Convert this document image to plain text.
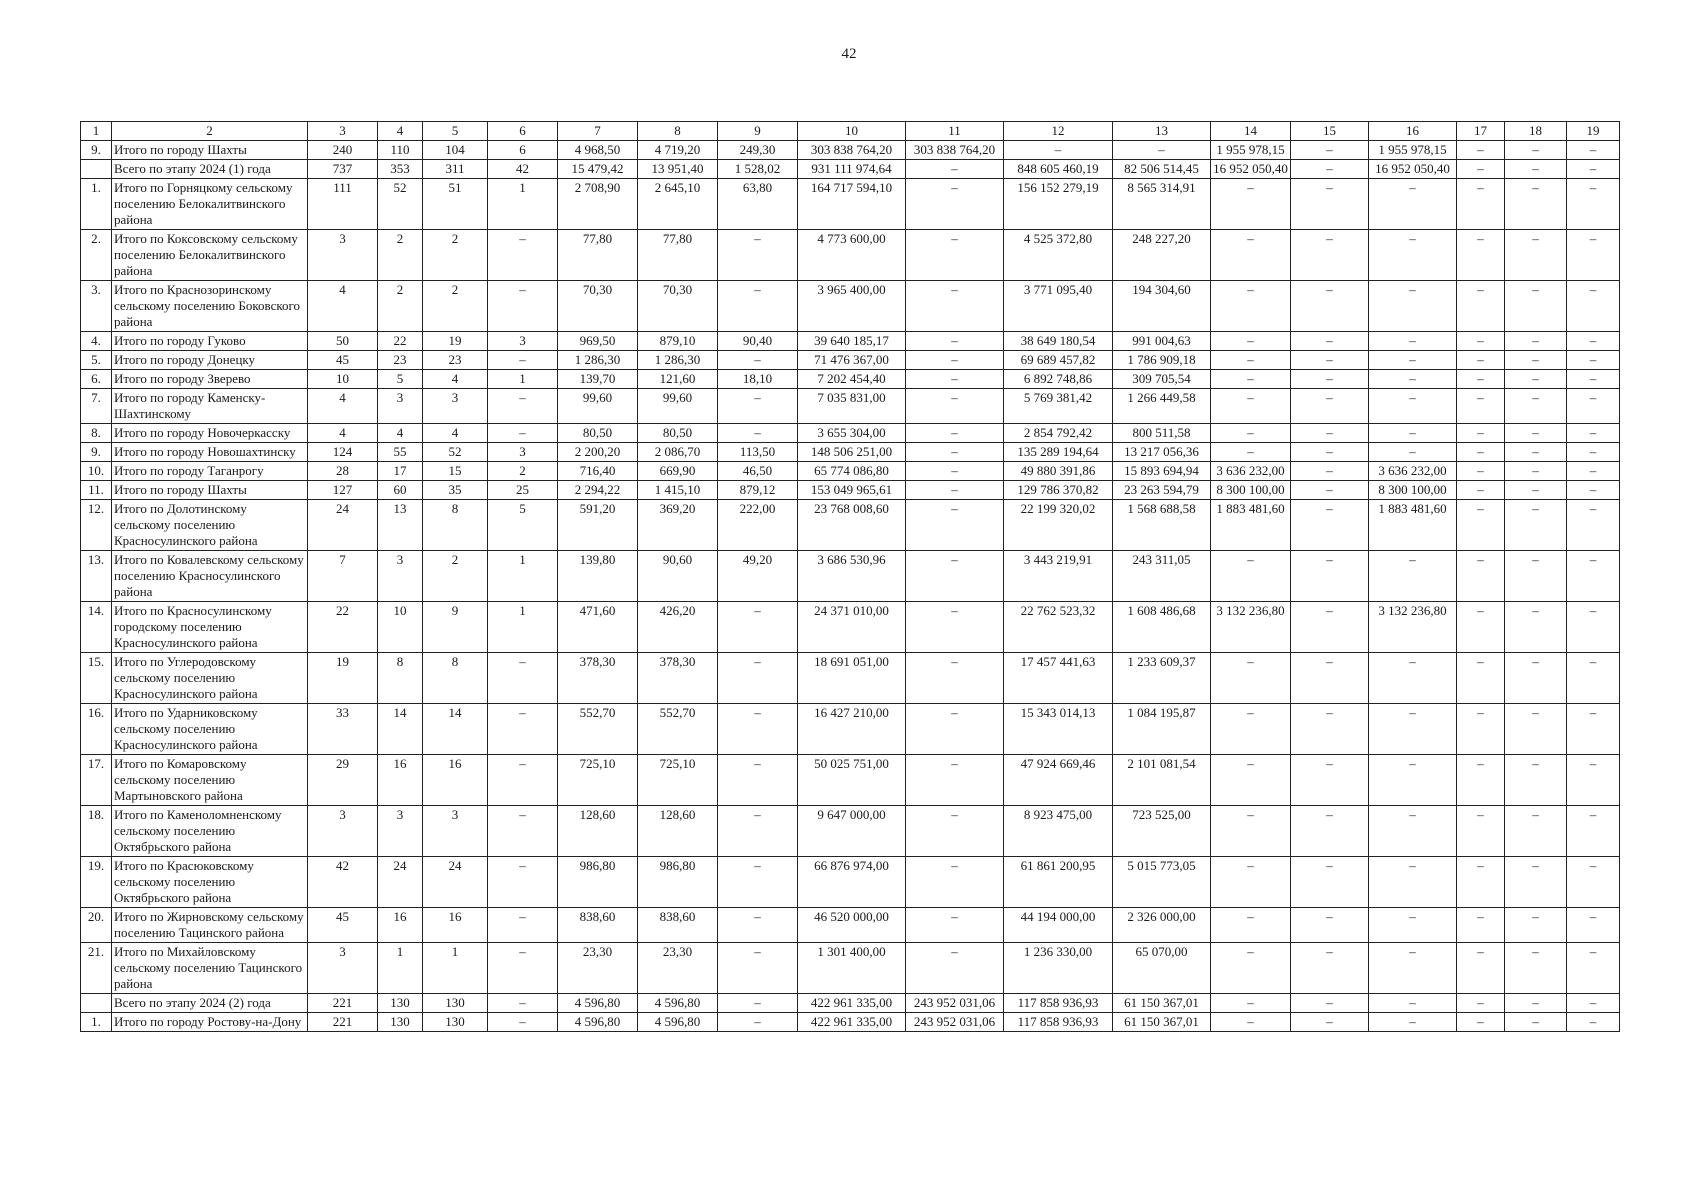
42
1	2	3	4	5	6	7	8	9	10	11	12	13	14	15	16	17	18	19
9.	Итого по городу Шахты	240	110	104	6	4 968,50	4 719,20	249,30	303 838 764,20	303 838 764,20	–	–	1 955 978,15	–	1 955 978,15	–	–	–
	Всего по этапу 2024 (1) года	737	353	311	42	15 479,42	13 951,40	1 528,02	931 111 974,64	–	848 605 460,19	82 506 514,45	16 952 050,40	–	16 952 050,40	–	–	–
1.	Итого по Горняцкому сельскому поселению Белокалитвинского района	111	52	51	1	2 708,90	2 645,10	63,80	164 717 594,10	–	156 152 279,19	8 565 314,91	–	–	–	–	–	–
2.	Итого по Коксовскому сельскому поселению Белокалитвинского района	3	2	2	–	77,80	77,80	–	4 773 600,00	–	4 525 372,80	248 227,20	–	–	–	–	–	–
3.	Итого по Краснозоринскому сельскому поселению Боковского района	4	2	2	–	70,30	70,30	–	3 965 400,00	–	3 771 095,40	194 304,60	–	–	–	–	–	–
4.	Итого по городу Гуково	50	22	19	3	969,50	879,10	90,40	39 640 185,17	–	38 649 180,54	991 004,63	–	–	–	–	–	–
5.	Итого по городу Донецку	45	23	23	–	1 286,30	1 286,30	–	71 476 367,00	–	69 689 457,82	1 786 909,18	–	–	–	–	–	–
6.	Итого по городу Зверево	10	5	4	1	139,70	121,60	18,10	7 202 454,40	–	6 892 748,86	309 705,54	–	–	–	–	–	–
7.	Итого по городу Каменску-Шахтинскому	4	3	3	–	99,60	99,60	–	7 035 831,00	–	5 769 381,42	1 266 449,58	–	–	–	–	–	–
8.	Итого по городу Новочеркасску	4	4	4	–	80,50	80,50	–	3 655 304,00	–	2 854 792,42	800 511,58	–	–	–	–	–	–
9.	Итого по городу Новошахтинску	124	55	52	3	2 200,20	2 086,70	113,50	148 506 251,00	–	135 289 194,64	13 217 056,36	–	–	–	–	–	–
10.	Итого по городу Таганрогу	28	17	15	2	716,40	669,90	46,50	65 774 086,80	–	49 880 391,86	15 893 694,94	3 636 232,00	–	3 636 232,00	–	–	–
11.	Итого по городу Шахты	127	60	35	25	2 294,22	1 415,10	879,12	153 049 965,61	–	129 786 370,82	23 263 594,79	8 300 100,00	–	8 300 100,00	–	–	–
12.	Итого по Долотинскому сельскому поселению Красносулинского района	24	13	8	5	591,20	369,20	222,00	23 768 008,60	–	22 199 320,02	1 568 688,58	1 883 481,60	–	1 883 481,60	–	–	–
13.	Итого по Ковалевскому сельскому поселению Красносулинского района	7	3	2	1	139,80	90,60	49,20	3 686 530,96	–	3 443 219,91	243 311,05	–	–	–	–	–	–
14.	Итого по Красносулинскому городскому поселению Красносулинского района	22	10	9	1	471,60	426,20	–	24 371 010,00	–	22 762 523,32	1 608 486,68	3 132 236,80	–	3 132 236,80	–	–	–
15.	Итого по Углеродовскому сельскому поселению Красносулинского района	19	8	8	–	378,30	378,30	–	18 691 051,00	–	17 457 441,63	1 233 609,37	–	–	–	–	–	–
16.	Итого по Ударниковскому сельскому поселению Красносулинского района	33	14	14	–	552,70	552,70	–	16 427 210,00	–	15 343 014,13	1 084 195,87	–	–	–	–	–	–
17.	Итого по Комаровскому сельскому поселению Мартыновского района	29	16	16	–	725,10	725,10	–	50 025 751,00	–	47 924 669,46	2 101 081,54	–	–	–	–	–	–
18.	Итого по Каменоломненскому сельскому поселению Октябрьского района	3	3	3	–	128,60	128,60	–	9 647 000,00	–	8 923 475,00	723 525,00	–	–	–	–	–	–
19.	Итого по Красюковскому сельскому поселению Октябрьского района	42	24	24	–	986,80	986,80	–	66 876 974,00	–	61 861 200,95	5 015 773,05	–	–	–	–	–	–
20.	Итого по Жирновскому сельскому поселению Тацинского района	45	16	16	–	838,60	838,60	–	46 520 000,00	–	44 194 000,00	2 326 000,00	–	–	–	–	–	–
21.	Итого по Михайловскому сельскому поселению Тацинского района	3	1	1	–	23,30	23,30	–	1 301 400,00	–	1 236 330,00	65 070,00	–	–	–	–	–	–
	Всего по этапу 2024 (2) года	221	130	130	–	4 596,80	4 596,80	–	422 961 335,00	243 952 031,06	117 858 936,93	61 150 367,01	–	–	–	–	–	–
1.	Итого по городу Ростову-на-Дону	221	130	130	–	4 596,80	4 596,80	–	422 961 335,00	243 952 031,06	117 858 936,93	61 150 367,01	–	–	–	–	–	–
